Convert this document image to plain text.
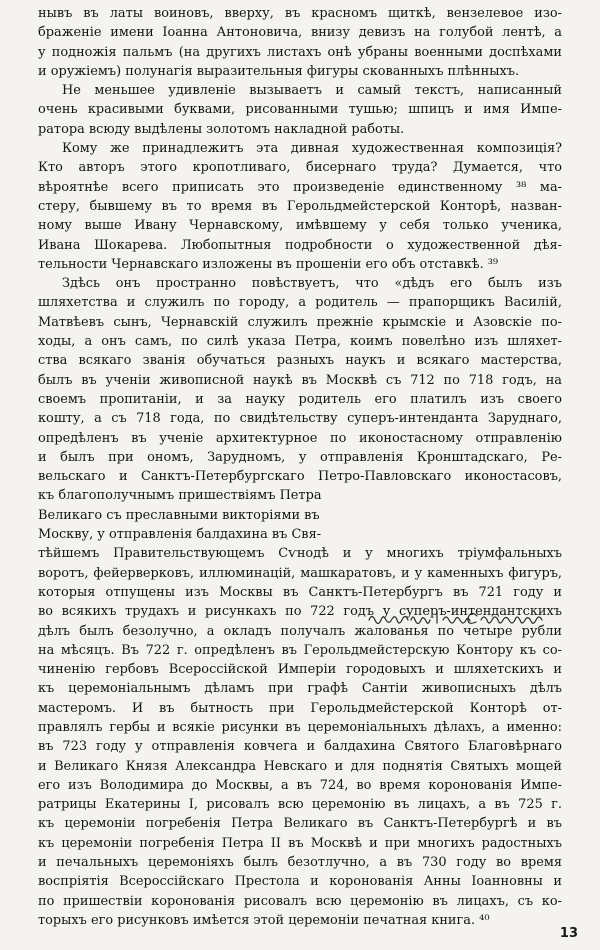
нывъ въ латы воиновъ, вверху, въ красномъ щиткѣ, вензелевое изо-
браженіе имени Іоанна Антоновича, внизу девизъ на голубой лентѣ, а
у подножія пальмъ (на другихъ листахъ онѣ убраны военными доспѣхами
и оружіемъ) полунагія выразительныя фигуры скованныхъ плѣнныхъ.
Не меньшее удивленіе вызываетъ и самый текстъ, написанный
очень красивыми буквами, рисованными тушью; шпицъ и имя Импе-
ратора всюду выдѣлены золотомъ накладной работы.
Кому же принадлежитъ эта дивная художественная композиція?
Кто авторъ этого кропотливаго, бисернаго труда? Думается, что
вѣроятнѣе всего приписать это произведеніе единственному ³⁸ ма-
стеру, бывшему въ то время въ Герольдмейстерской Конторѣ, назван-
ному выше Ивану Чернавскому, имѣвшему у себя только ученика,
Ивана Шокарева. Любопытныя подробности о художественной дѣя-
тельности Чернавскаго изложены въ прошеніи его объ отставкѣ. ³⁹
Здѣсь онъ пространно повѣствуетъ, что «дѣдъ его былъ изъ
шляхетства и служилъ по городу, а родитель — прапорщикъ Василій,
Матвѣевъ сынъ, Чернавскій служилъ прежніе крымскіе и Азовскіе по-
ходы, а онъ самъ, по силѣ указа Петра, коимъ повелѣно изъ шляхет-
ства всякаго званія обучаться разныхъ наукъ и всякаго мастерства,
былъ въ ученіи живописной наукѣ въ Москвѣ съ 712 по 718 годъ, на
своемъ пропитаніи, и за науку родитель его платилъ изъ своего
кошту, а съ 718 года, по свидѣтельству суперъ-интенданта Зарyднаго,
опредѣленъ въ ученіе архитектурное по иконостасному отправленію
и былъ при ономъ, Зарудномъ, у отправленія Кронштадскаго, Ре-
вельскаго и Санктъ-Петербургскаго Петро-Павловскаго иконостасовъ,
къ благополучнымъ пришествіямъ Петра
Великаго съ преславными викторіями въ
Москву, у отправленія балдахина въ Свя-
тѣйшемъ Правительствующемъ Сѵнодѣ и у многихъ тріумфальныхъ
воротъ, фейерверковъ, иллюминацій, машкаратовъ, и у каменныхъ фигуръ,
которыя отпущены изъ Москвы въ Санктъ-Петербургъ въ 721 году и
во всякихъ трудахъ и рисункахъ по 722 годъ у суперъ-интендантскихъ
дѣлъ былъ безолучно, а окладъ получалъ жалованья по четыре рубли
на мѣсяцъ. Въ 722 г. опредѣленъ въ Герольдмейстерскую Контору къ со-
чиненію гербовъ Всероссійской Имперіи городовыхъ и шляхетскихъ и
къ церемоніальнымъ дѣламъ при графѣ Сантіи живописныхъ дѣлъ
мастеромъ. И въ бытность при Герольдмейстерской Конторѣ от-
правлялъ гербы и всякіе рисунки въ церемоніальныхъ дѣлахъ, а именно:
въ 723 году у отправленія ковчега и балдахина Святого Благовѣрнаго
и Великаго Князя Александра Невскаго и для поднятія Святыхъ мощей
его изъ Володимира до Москвы, а въ 724, во время коронованія Импе-
ратрицы Екатерины I, рисовалъ всю церемонію въ лицахъ, а въ 725 г.
къ церемоніи погребенія Петра Великаго въ Санктъ-Петербургѣ и въ
къ церемоніи погребенія Петра II въ Москвѣ и при многихъ радостныхъ
и печальныхъ церемоніяхъ былъ безотлучно, а въ 730 году во время
воспріятія Всероссійскаго Престола и коронованія Анны Іоанновны и
по пришествіи коронованія рисовалъ всю церемонію въ лицахъ, съ ко-
торыхъ его рисунковъ имѣется этой церемоніи печатная книга. ⁴⁰
13
